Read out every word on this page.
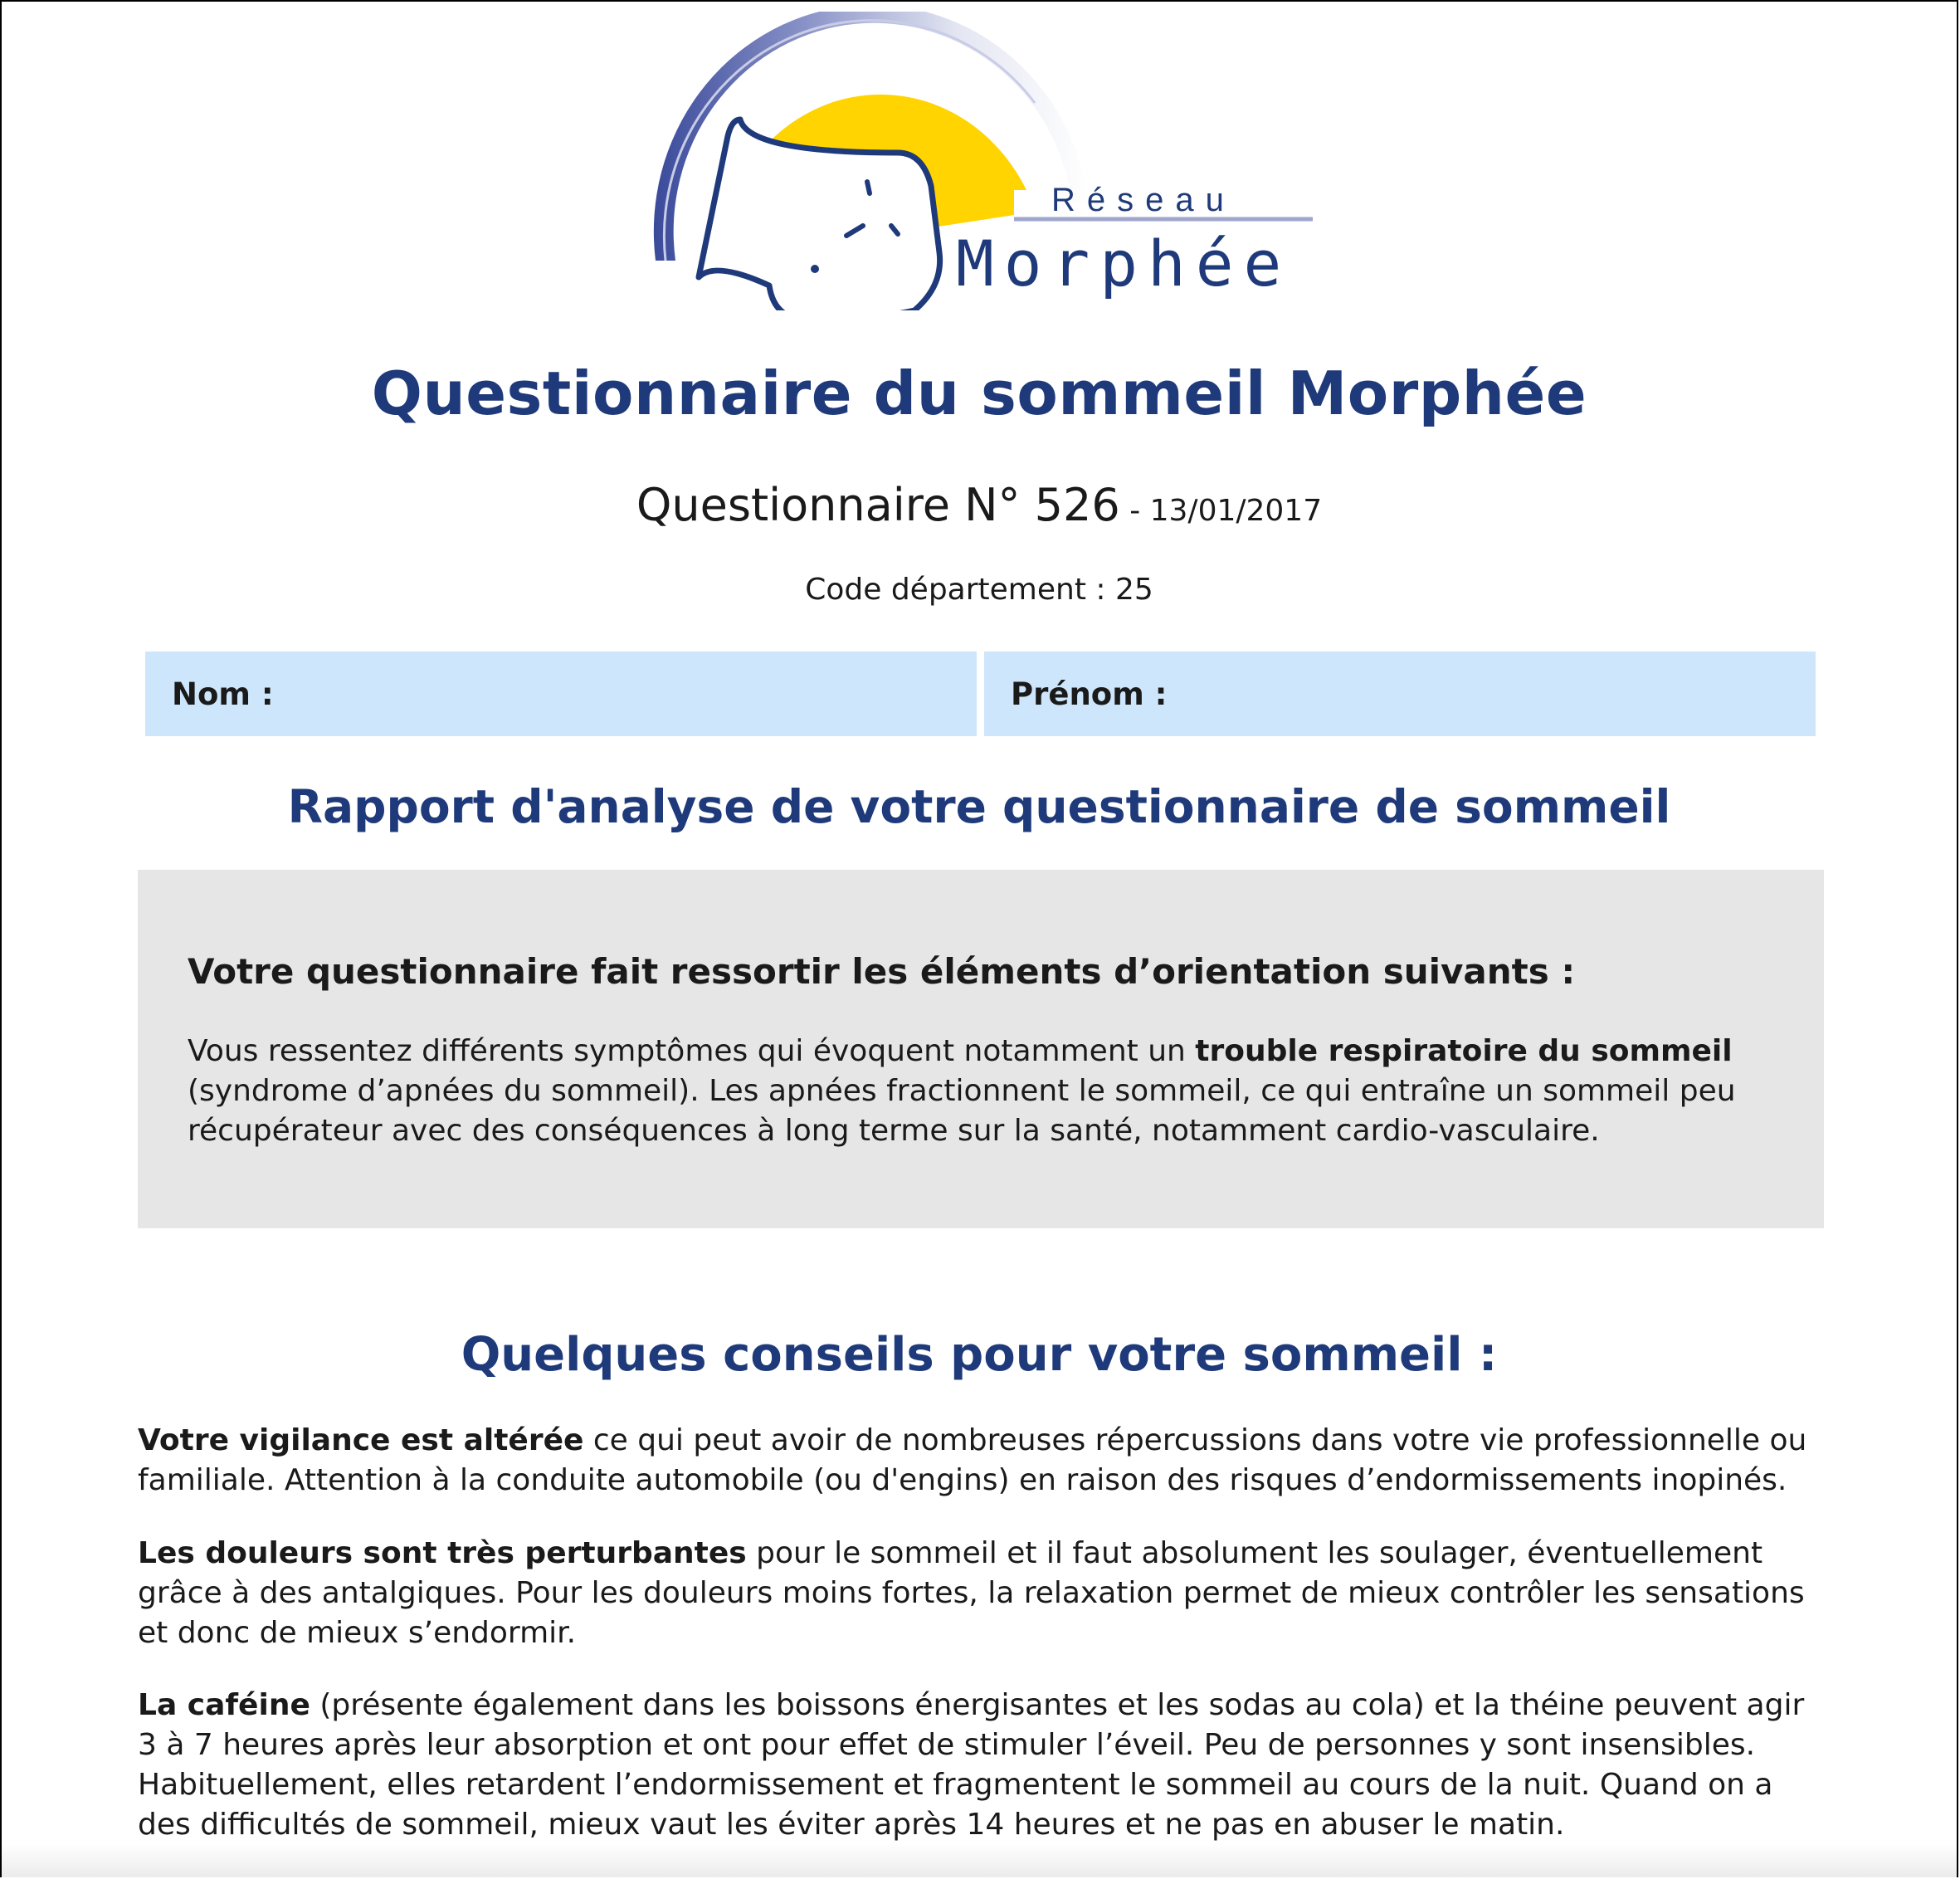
Réseau
Morphée
Questionnaire du sommeil Morphée
Questionnaire N° 526 - 13/01/2017
Code département : 25
Nom :	Prénom :
Rapport d'analyse de votre questionnaire de sommeil
Votre questionnaire fait ressortir les éléments d’orientation suivants :

Vous ressentez différents symptômes qui évoquent notamment un trouble respiratoire du sommeil (syndrome d’apnées du sommeil). Les apnées fractionnent le sommeil, ce qui entraîne un sommeil peu récupérateur avec des conséquences à long terme sur la santé, notamment cardio-vasculaire.

Quelques conseils pour votre sommeil :

Votre vigilance est altérée ce qui peut avoir de nombreuses répercussions dans votre vie professionnelle ou familiale. Attention à la conduite automobile (ou d'engins) en raison des risques d’endormissements inopinés.

Les douleurs sont très perturbantes pour le sommeil et il faut absolument les soulager, éventuellement grâce à des antalgiques. Pour les douleurs moins fortes, la relaxation permet de mieux contrôler les sensations et donc de mieux s’endormir.

La caféine (présente également dans les boissons énergisantes et les sodas au cola) et la théine peuvent agir 3 à 7 heures après leur absorption et ont pour effet de stimuler l’éveil. Peu de personnes y sont insensibles. Habituellement, elles retardent l’endormissement et fragmentent le sommeil au cours de la nuit. Quand on a des difficultés de sommeil, mieux vaut les éviter après 14 heures et ne pas en abuser le matin.
